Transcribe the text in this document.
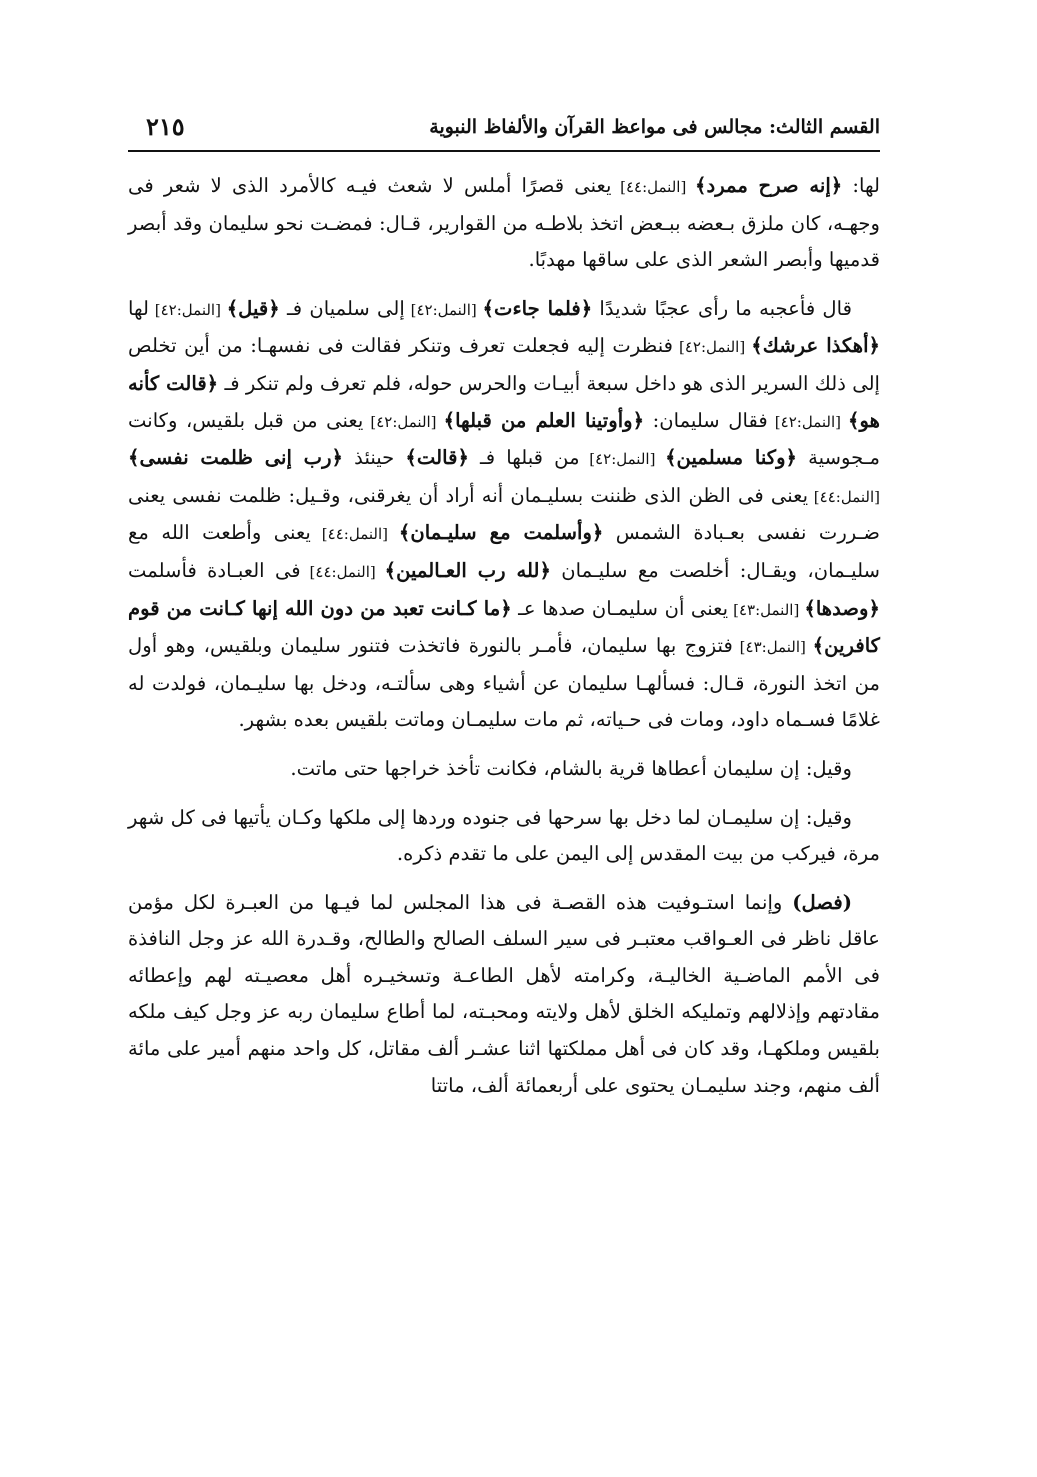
القسم الثالث: مجالس فى مواعظ القرآن والألفاظ النبوية
٢١٥

لها: ﴿إنه صرح ممرد﴾ [النمل:٤٤] يعنى قصرًا أملس لا شعث فيـه كالأمرد الذى لا شعر فى وجهـه، كان ملزق بـعضه ببـعض اتخذ بلاطـه من القوارير، قـال: فمضـت نحو سليمان وقد أبصر قدميها وأبصر الشعر الذى على ساقها مهدبًا.

قال فأعجبه ما رأى عجبًا شديدًا ﴿فلما جاءت﴾ [النمل:٤٢] إلى سلميان فـ ﴿قيل﴾ [النمل:٤٢] لها ﴿أهكذا عرشك﴾ [النمل:٤٢] فنظرت إليه فجعلت تعرف وتنكر فقالت فى نفسهـا: من أين تخلص إلى ذلك السرير الذى هو داخل سبعة أبيـات والحرس حوله، فلم تعرف ولم تنكر فـ ﴿قالت كأنه هو﴾ [النمل:٤٢] فقال سليمان: ﴿وأوتينا العلم من قبلها﴾ [النمل:٤٢] يعنى من قبل بلقيس، وكانت مـجوسية ﴿وكنا مسلمين﴾ [النمل:٤٢] من قبلها فـ ﴿قالت﴾ حينئذ ﴿رب إنى ظلمت نفسى﴾ [النمل:٤٤] يعنى فى الظن الذى ظننت بسليـمان أنه أراد أن يغرقنى، وقـيل: ظلمت نفسى يعنى ضـررت نفسى بعـبادة الشمس ﴿وأسلمت مع سليـمان﴾ [النمل:٤٤] يعنى وأطعت الله مع سليـمان، ويقـال: أخلصت مع سليـمان ﴿لله رب العـالمين﴾ [النمل:٤٤] فى العبـادة فأسلمت ﴿وصدها﴾ [النمل:٤٣] يعنى أن سليمـان صدها عـ ﴿ما كـانت تعبد من دون الله إنها كـانت من قوم كافرين﴾ [النمل:٤٣] فتزوج بها سليمان، فأمـر بالنورة فاتخذت فتنور سليمان وبلقيس، وهو أول من اتخذ النورة، قـال: فسألهـا سليمان عن أشياء وهى سألتـه، ودخل بها سليـمان، فولدت له غلامًا فسـماه داود، ومات فى حـياته، ثم مات سليمـان وماتت بلقيس بعده بشهر.

وقيل: إن سليمان أعطاها قرية بالشام، فكانت تأخذ خراجها حتى ماتت.

وقيل: إن سليمـان لما دخل بها سرحها فى جنوده وردها إلى ملكها وكـان يأتيها فى كل شهر مرة، فيركب من بيت المقدس إلى اليمن على ما تقدم ذكره.

(فصل) وإنما استـوفيت هذه القصـة فى هذا المجلس لما فيـها من العبـرة لكل مؤمن عاقل ناظر فى العـواقب معتبـر فى سير السلف الصالح والطالح، وقـدرة الله عز وجل النافذة فى الأمم الماضـية الخاليـة، وكرامته لأهل الطاعـة وتسخيـره أهل معصيـته لهم وإعطائه مقادتهم وإذلالهم وتمليكه الخلق لأهل ولايته ومحبـته، لما أطاع سليمان ربه عز وجل كيف ملكه بلقيس وملكهـا، وقد كان فى أهل مملكتها اثنا عشـر ألف مقاتل، كل واحد منهم أمير على مائة ألف منهم، وجند سليمـان يحتوى على أربعمائة ألف، ماتتا
